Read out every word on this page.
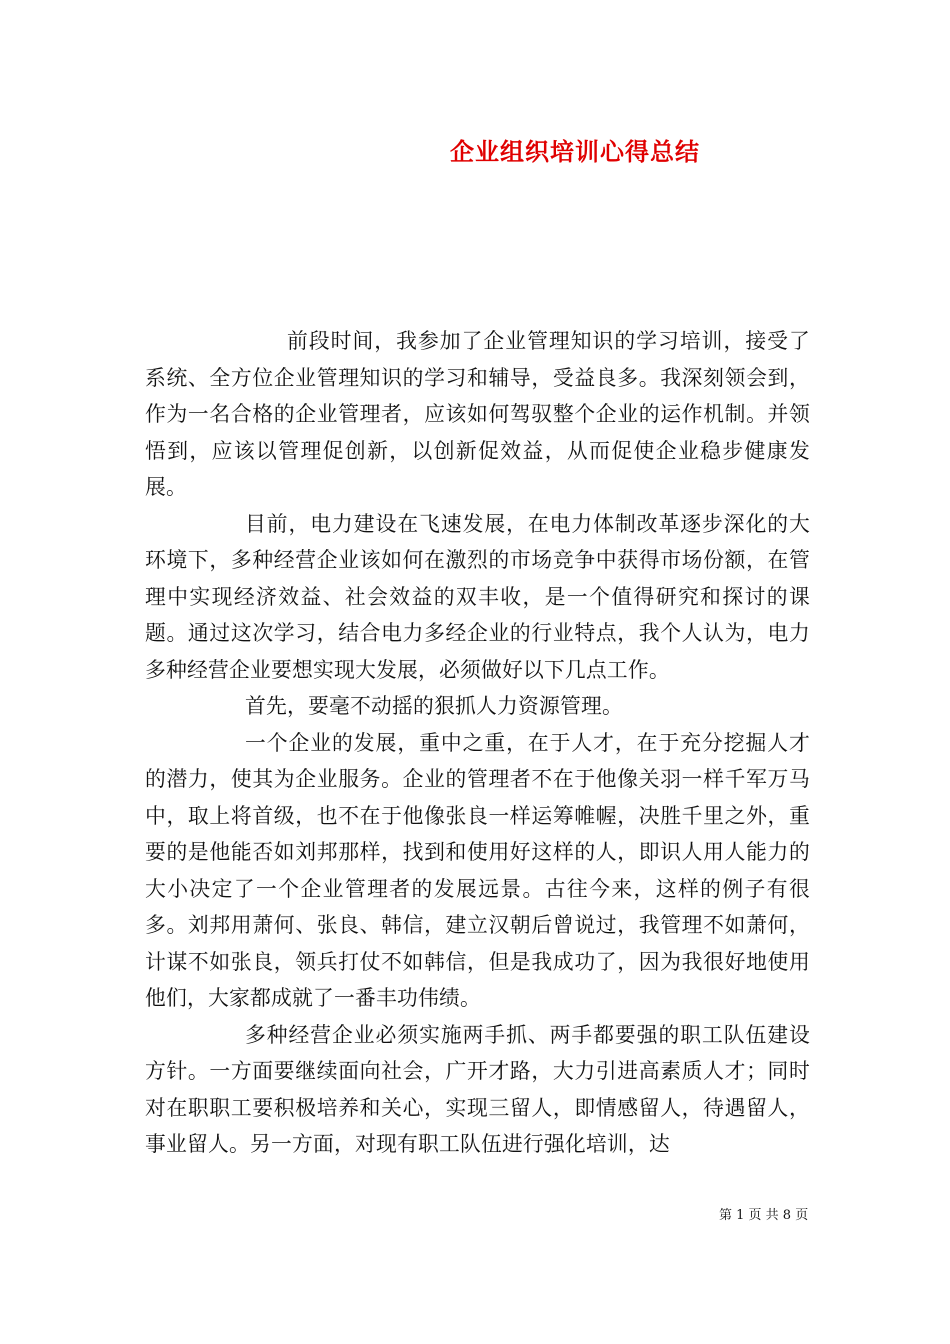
企业组织培训心得总结

前段时间，我参加了企业管理知识的学习培训，接受了系统、全方位企业管理知识的学习和辅导，受益良多。我深刻领会到，作为一名合格的企业管理者，应该如何驾驭整个企业的运作机制。并领悟到，应该以管理促创新，以创新促效益，从而促使企业稳步健康发展。

目前，电力建设在飞速发展，在电力体制改革逐步深化的大环境下，多种经营企业该如何在激烈的市场竞争中获得市场份额，在管理中实现经济效益、社会效益的双丰收，是一个值得研究和探讨的课题。通过这次学习，结合电力多经企业的行业特点，我个人认为，电力多种经营企业要想实现大发展，必须做好以下几点工作。

首先，要毫不动摇的狠抓人力资源管理。

一个企业的发展，重中之重，在于人才，在于充分挖掘人才的潜力，使其为企业服务。企业的管理者不在于他像关羽一样千军万马中，取上将首级，也不在于他像张良一样运筹帷幄，决胜千里之外，重要的是他能否如刘邦那样，找到和使用好这样的人，即识人用人能力的大小决定了一个企业管理者的发展远景。古往今来，这样的例子有很多。刘邦用萧何、张良、韩信，建立汉朝后曾说过，我管理不如萧何，计谋不如张良，领兵打仗不如韩信，但是我成功了，因为我很好地使用他们，大家都成就了一番丰功伟绩。

多种经营企业必须实施两手抓、两手都要强的职工队伍建设方针。一方面要继续面向社会，广开才路，大力引进高素质人才；同时对在职职工要积极培养和关心，实现三留人，即情感留人，待遇留人，事业留人。另一方面，对现有职工队伍进行强化培训，达

第 1 页 共 8 页
